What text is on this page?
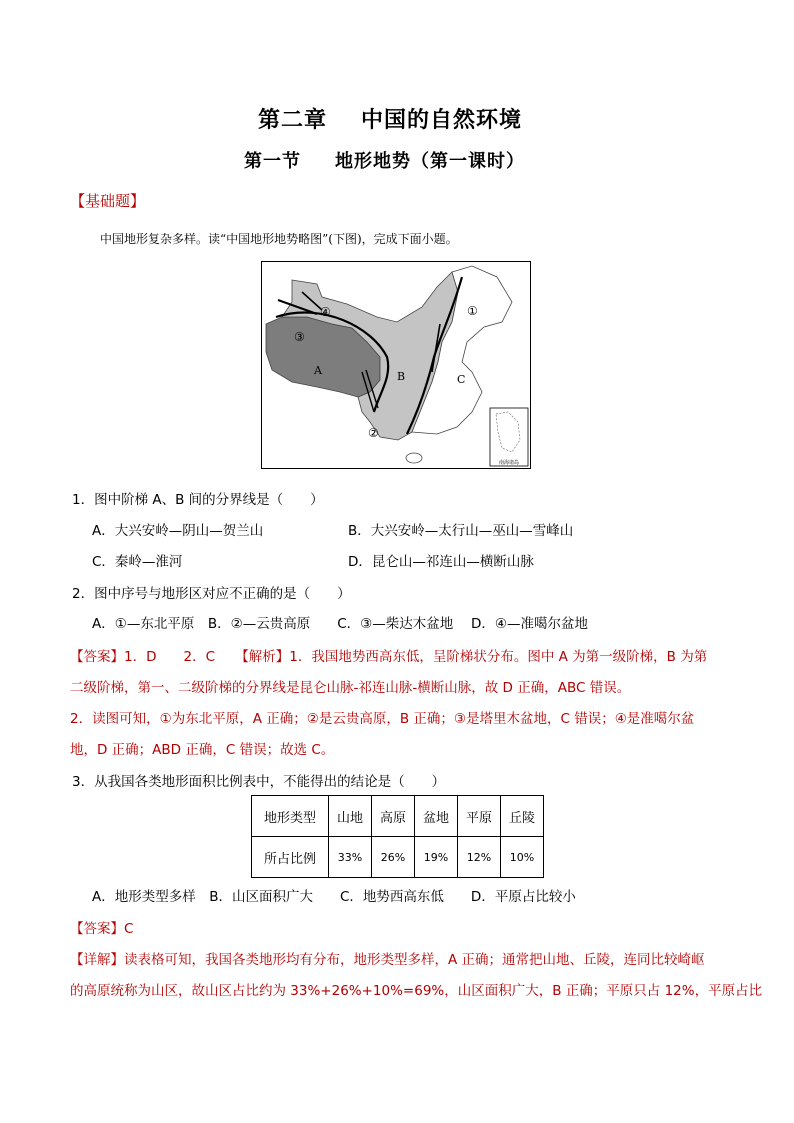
第二章 中国的自然环境
第一节 地形地势（第一课时）
【基础题】
中国地形复杂多样。读“中国地形地势略图”(下图)，完成下面小题。
A	B	C
①
②
③
④
南海诸岛
1．图中阶梯 A、B 间的分界线是（　　）
A．大兴安岭—阴山—贺兰山	B．大兴安岭—太行山—巫山—雪峰山
C．秦岭—淮河	D．昆仑山—祁连山—横断山脉
2．图中序号与地形区对应不正确的是（　　）
A．①—东北平原　B．②—云贵高原　　C．③—柴达木盆地　 D．④—准噶尔盆地
【答案】1．D　　2．C　　【解析】1．我国地势西高东低，呈阶梯状分布。图中 A 为第一级阶梯，B 为第
二级阶梯，第一、二级阶梯的分界线是昆仑山脉-祁连山脉-横断山脉，故 D 正确，ABC 错误。
2．读图可知，①为东北平原，A 正确；②是云贵高原，B 正确；③是塔里木盆地，C 错误；④是准噶尔盆
地，D 正确；ABD 正确，C 错误；故选 C。
3．从我国各类地形面积比例表中，不能得出的结论是（　　）
地形类型	山地	高原	盆地	平原	丘陵
所占比例	33%	26%	19%	12%	10%
A．地形类型多样　B．山区面积广大　　C．地势西高东低　　D．平原占比较小
【答案】C
【详解】读表格可知，我国各类地形均有分布，地形类型多样，A 正确；通常把山地、丘陵，连同比较崎岖
的高原统称为山区，故山区占比约为 33%+26%+10%=69%，山区面积广大，B 正确；平原只占 12%，平原占比
